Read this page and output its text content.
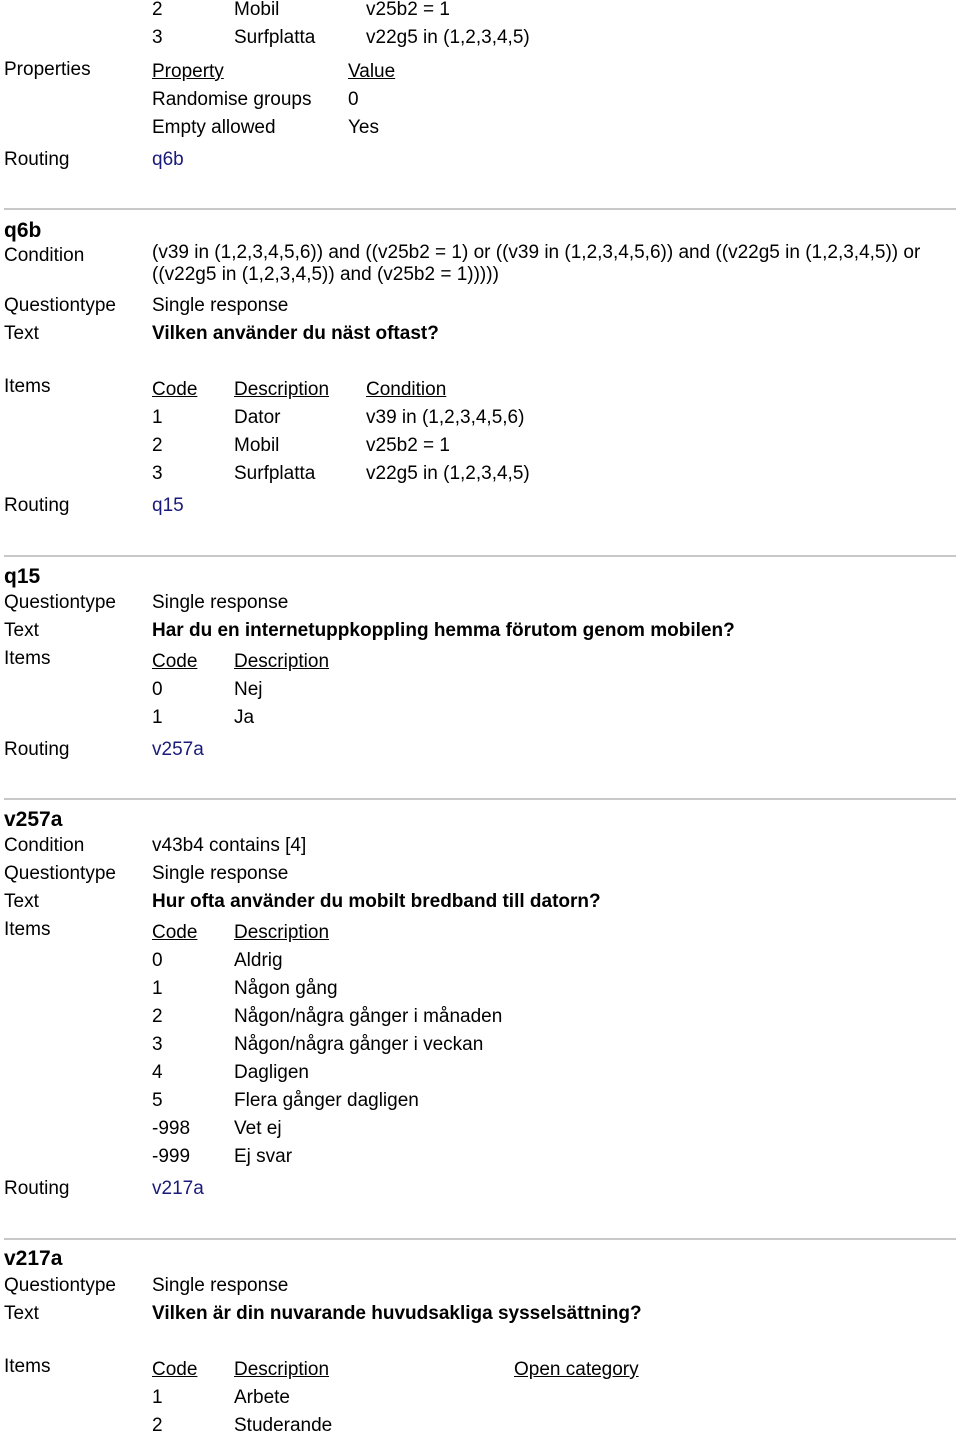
2	Mobil	v25b2 = 1
3	Surfplatta	v22g5 in (1,2,3,4,5)
Properties	Property	Value
Randomise groups 0
Empty allowed	Yes
Routing	q6b
q6b
Condition	(v39 in (1,2,3,4,5,6)) and ((v25b2 = 1) or ((v39 in (1,2,3,4,5,6)) and ((v22g5 in (1,2,3,4,5)) or ((v22g5 in (1,2,3,4,5)) and (v25b2 = 1)))))
Questiontype Single response
Text	Vilken använder du näst oftast?
Items	Code Description Condition
1	Dator	v39 in (1,2,3,4,5,6)
2	Mobil	v25b2 = 1
3	Surfplatta	v22g5 in (1,2,3,4,5)
Routing	q15
q15
Questiontype Single response
Text	Har du en internetuppkoppling hemma förutom genom mobilen?
Items	Code Description
0	Nej
1	Ja
Routing	v257a
v257a
Condition	v43b4 contains [4]
Questiontype Single response
Text	Hur ofta använder du mobilt bredband till datorn?
Items	Code Description
0	Aldrig
1	Någon gång
2	Någon/några gånger i månaden
3	Någon/några gånger i veckan
4	Dagligen
5	Flera gånger dagligen
-998 Vet ej
-999 Ej svar
Routing	v217a
v217a
Questiontype Single response
Text	Vilken är din nuvarande huvudsakliga sysselsättning?
Items	Code Description	Open category
1	Arbete
2	Studerande
